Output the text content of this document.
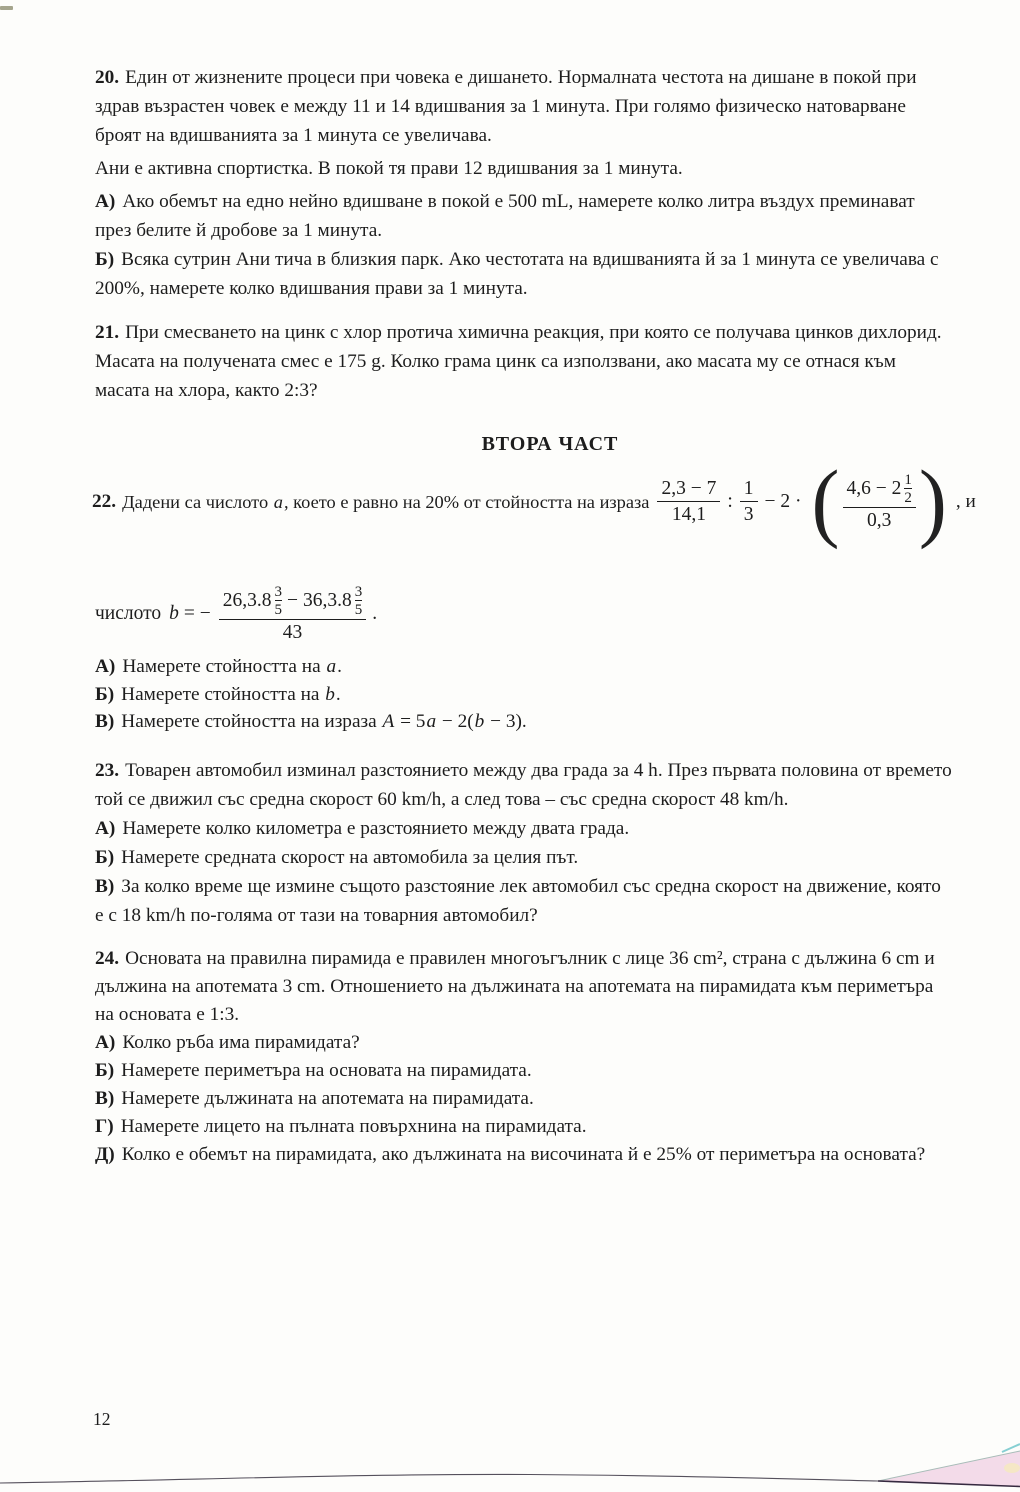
20. Един от жизнените процеси при човека е дишането. Нормалната честота на дишане в покой при
здрав възрастен човек е между 11 и 14 вдишвания за 1 минута. При голямо физическо натоварване
броят на вдишванията за 1 минута се увеличава.
Ани е активна спортистка. В покой тя прави 12 вдишвания за 1 минута.
А) Ако обемът на едно нейно вдишване в покой е 500 mL, намерете колко литра въздух преминават
през белите й дробове за 1 минута.
Б) Всяка сутрин Ани тича в близкия парк. Ако честотата на вдишванията й за 1 минута се увеличава с
200%, намерете колко вдишвания прави за 1 минута.
21. При смесването на цинк с хлор протича химична реакция, при която се получава цинков дихлорид.
Масата на получената смес е 175 g. Колко грама цинк са използвани, ако масата му се отнася към
масата на хлора, както 2:3?
ВТОРА ЧАСТ
22. Дадени са числото a, което е равно на 20% от стойността на израза $\frac{2,3 - 7}{14,1}$ : $\frac{1}{3} - 2$ · ( $\frac{4,6 - 2 \frac{1}{2}}{0,3}$ ) , и
числото b = − $\frac{26,3.8 \frac{3}{5} - 36,3.8 \frac{3}{5}}{43}$ .
А) Намерете стойността на a.
Б) Намерете стойността на b.
В) Намерете стойността на израза A = 5a − 2(b − 3).
23. Товарен автомобил изминал разстоянието между два града за 4 h. През първата половина от времето
той се движил със средна скорост 60 km/h, а след това – със средна скорост 48 km/h.
А) Намерете колко километра е разстоянието между двата града.
Б) Намерете средната скорост на автомобила за целия път.
В) За колко време ще измине същото разстояние лек автомобил със средна скорост на движение, която
е с 18 km/h по-голяма от тази на товарния автомобил?
24. Основата на правилна пирамида е правилен многоъгълник с лице 36 cm², страна с дължина 6 cm и
дължина на апотемата 3 cm. Отношението на дължината на апотемата на пирамидата към периметъра
на основата е 1:3.
А) Колко ръба има пирамидата?
Б) Намерете периметъра на основата на пирамидата.
В) Намерете дължината на апотемата на пирамидата.
Г) Намерете лицето на пълната повърхнина на пирамидата.
Д) Колко е обемът на пирамидата, ако дължината на височината й е 25% от периметъра на основата?
12
